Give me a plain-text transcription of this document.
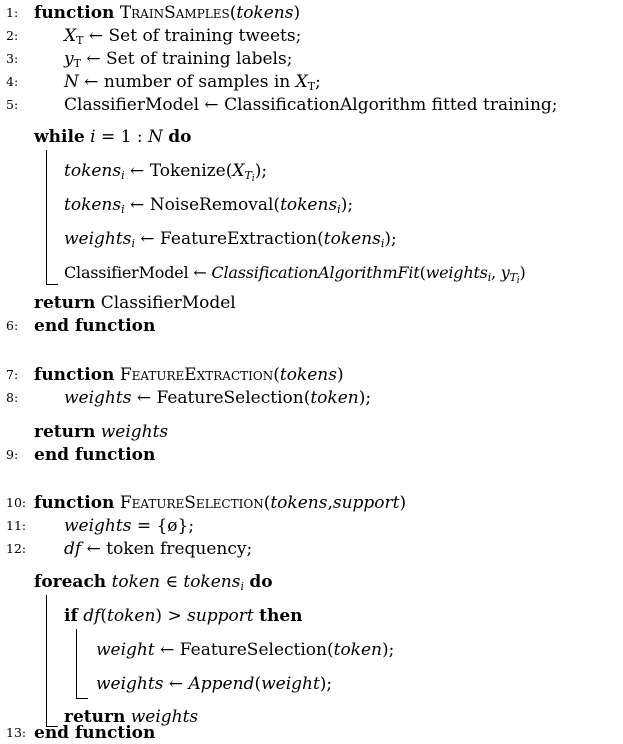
1: function TrainSamples(tokens)
2:	$X_T$ ← Set of training tweets;
3:	$y_T$ ← Set of training labels;
4:	N ← number of samples in $X_T$;
5:	ClassifierModel ← ClassificationAlgorithm fitted training;
while i = 1 : N do
tokens$_i$ ← $Tokenize(X_{T_i})$;
tokens$_i$ ← NoiseRemoval(tokens$_i$);
weights$_i$ ← FeatureExtraction(tokens$_i$);
ClassifierModel ← ClassificationAlgorithmFit(weights$_i$, $y_{T_i}$)
return ClassifierModel
6: end function
7: function FeatureExtraction(tokens)
8:	weights ← FeatureSelection(token);
return weights
9: end function
10: function FeatureSelection(tokens,support)
11: weights = {ø};
12: df ← token frequency;
foreach token ∈ tokens$_i$ do
if df(token) > support then
weight ← FeatureSelection(token);
weights ← Append(weight);
return weights
13: end function
